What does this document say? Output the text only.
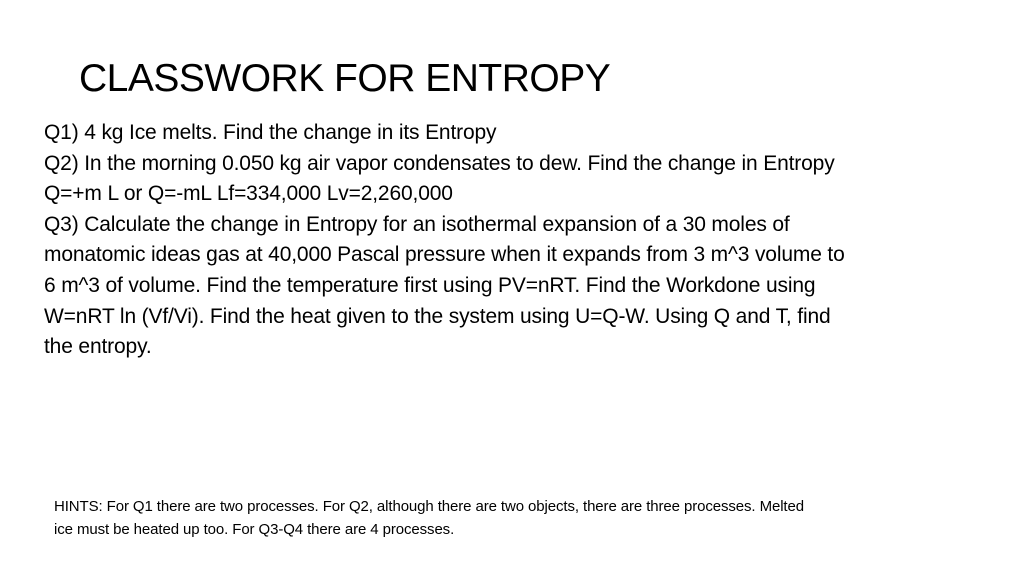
CLASSWORK FOR ENTROPY
Q1) 4 kg Ice melts. Find the change in its Entropy
Q2) In the morning 0.050 kg air vapor condensates to dew. Find the change in Entropy
Q=+m L or Q=-mL Lf=334,000 Lv=2,260,000
Q3) Calculate the change in Entropy for an isothermal expansion of a 30 moles of
monatomic ideas gas at 40,000 Pascal pressure when it expands from 3 m^3 volume to
6 m^3 of volume. Find the temperature first using PV=nRT. Find the Workdone using
W=nRT ln (Vf/Vi). Find the heat given to the system using U=Q-W. Using Q and T, find
the entropy.
HINTS: For Q1 there are two processes. For Q2, although there are two objects, there are three processes. Melted
ice must be heated up too. For Q3-Q4 there are 4 processes.
